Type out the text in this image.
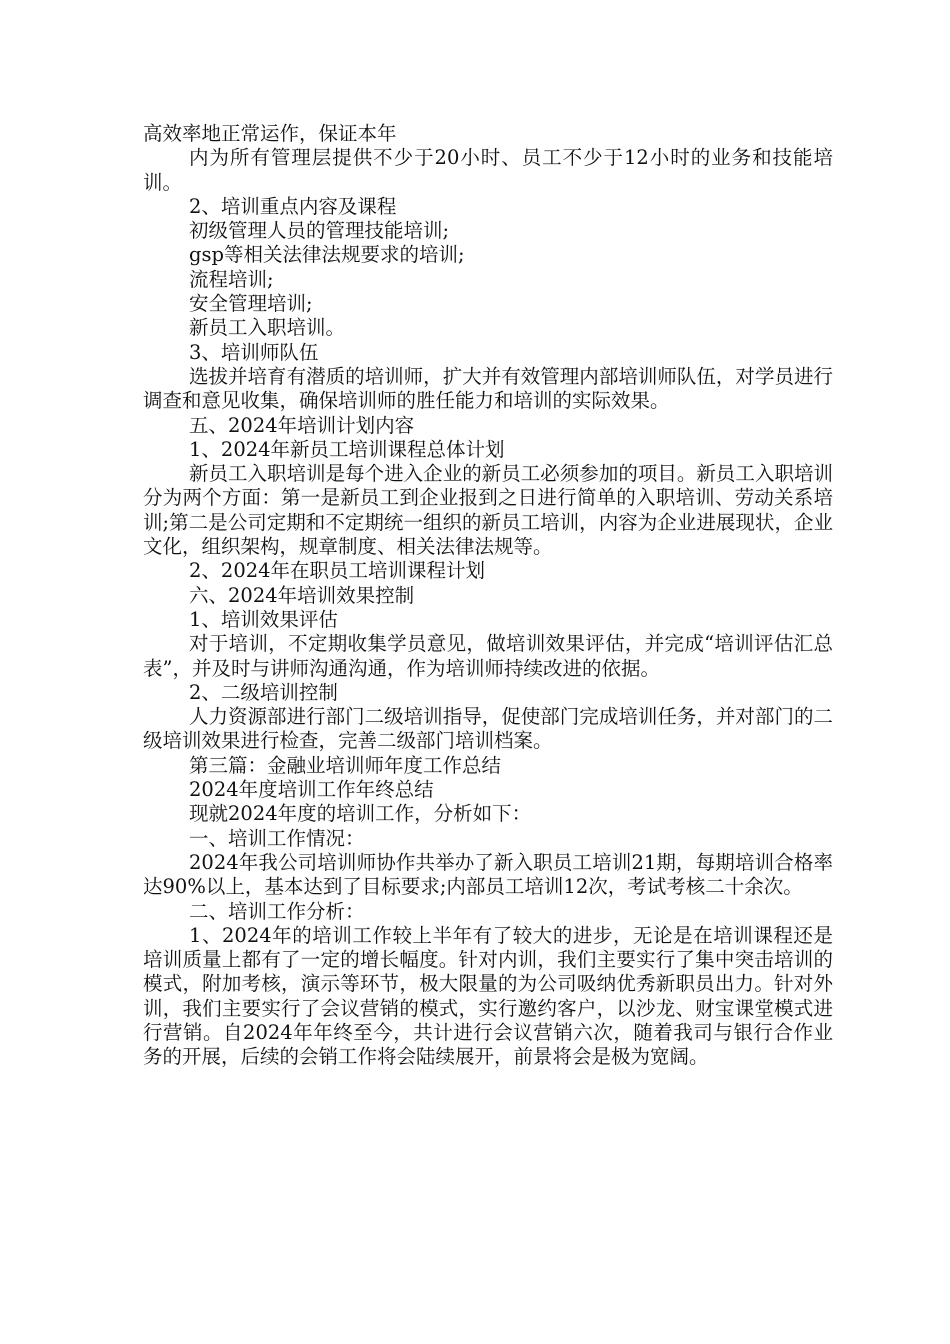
高效率地正常运作，保证本年
内为所有管理层提供不少于20小时、员工不少于12小时的业务和技能培训。
2、培训重点内容及课程
初级管理人员的管理技能培训;
gsp等相关法律法规要求的培训;
流程培训;
安全管理培训;
新员工入职培训。
3、培训师队伍
选拔并培育有潜质的培训师，扩大并有效管理内部培训师队伍，对学员进行调查和意见收集，确保培训师的胜任能力和培训的实际效果。
五、2024年培训计划内容
1、2024年新员工培训课程总体计划
新员工入职培训是每个进入企业的新员工必须参加的项目。新员工入职培训分为两个方面：第一是新员工到企业报到之日进行简单的入职培训、劳动关系培训;第二是公司定期和不定期统一组织的新员工培训，内容为企业进展现状，企业文化，组织架构，规章制度、相关法律法规等。
2、2024年在职员工培训课程计划
六、2024年培训效果控制
1、培训效果评估
对于培训，不定期收集学员意见，做培训效果评估，并完成“培训评估汇总表”，并及时与讲师沟通沟通，作为培训师持续改进的依据。
2、二级培训控制
人力资源部进行部门二级培训指导，促使部门完成培训任务，并对部门的二级培训效果进行检查，完善二级部门培训档案。
第三篇：金融业培训师年度工作总结
2024年度培训工作年终总结
现就2024年度的培训工作，分析如下：
一、培训工作情况：
2024年我公司培训师协作共举办了新入职员工培训21期，每期培训合格率达90%以上，基本达到了目标要求;内部员工培训12次，考试考核二十余次。
二、培训工作分析：
1、2024年的培训工作较上半年有了较大的进步，无论是在培训课程还是培训质量上都有了一定的增长幅度。针对内训，我们主要实行了集中突击培训的模式，附加考核，演示等环节，极大限量的为公司吸纳优秀新职员出力。针对外训，我们主要实行了会议营销的模式，实行邀约客户，以沙龙、财宝课堂模式进行营销。自2024年年终至今，共计进行会议营销六次，随着我司与银行合作业务的开展，后续的会销工作将会陆续展开，前景将会是极为宽阔。
